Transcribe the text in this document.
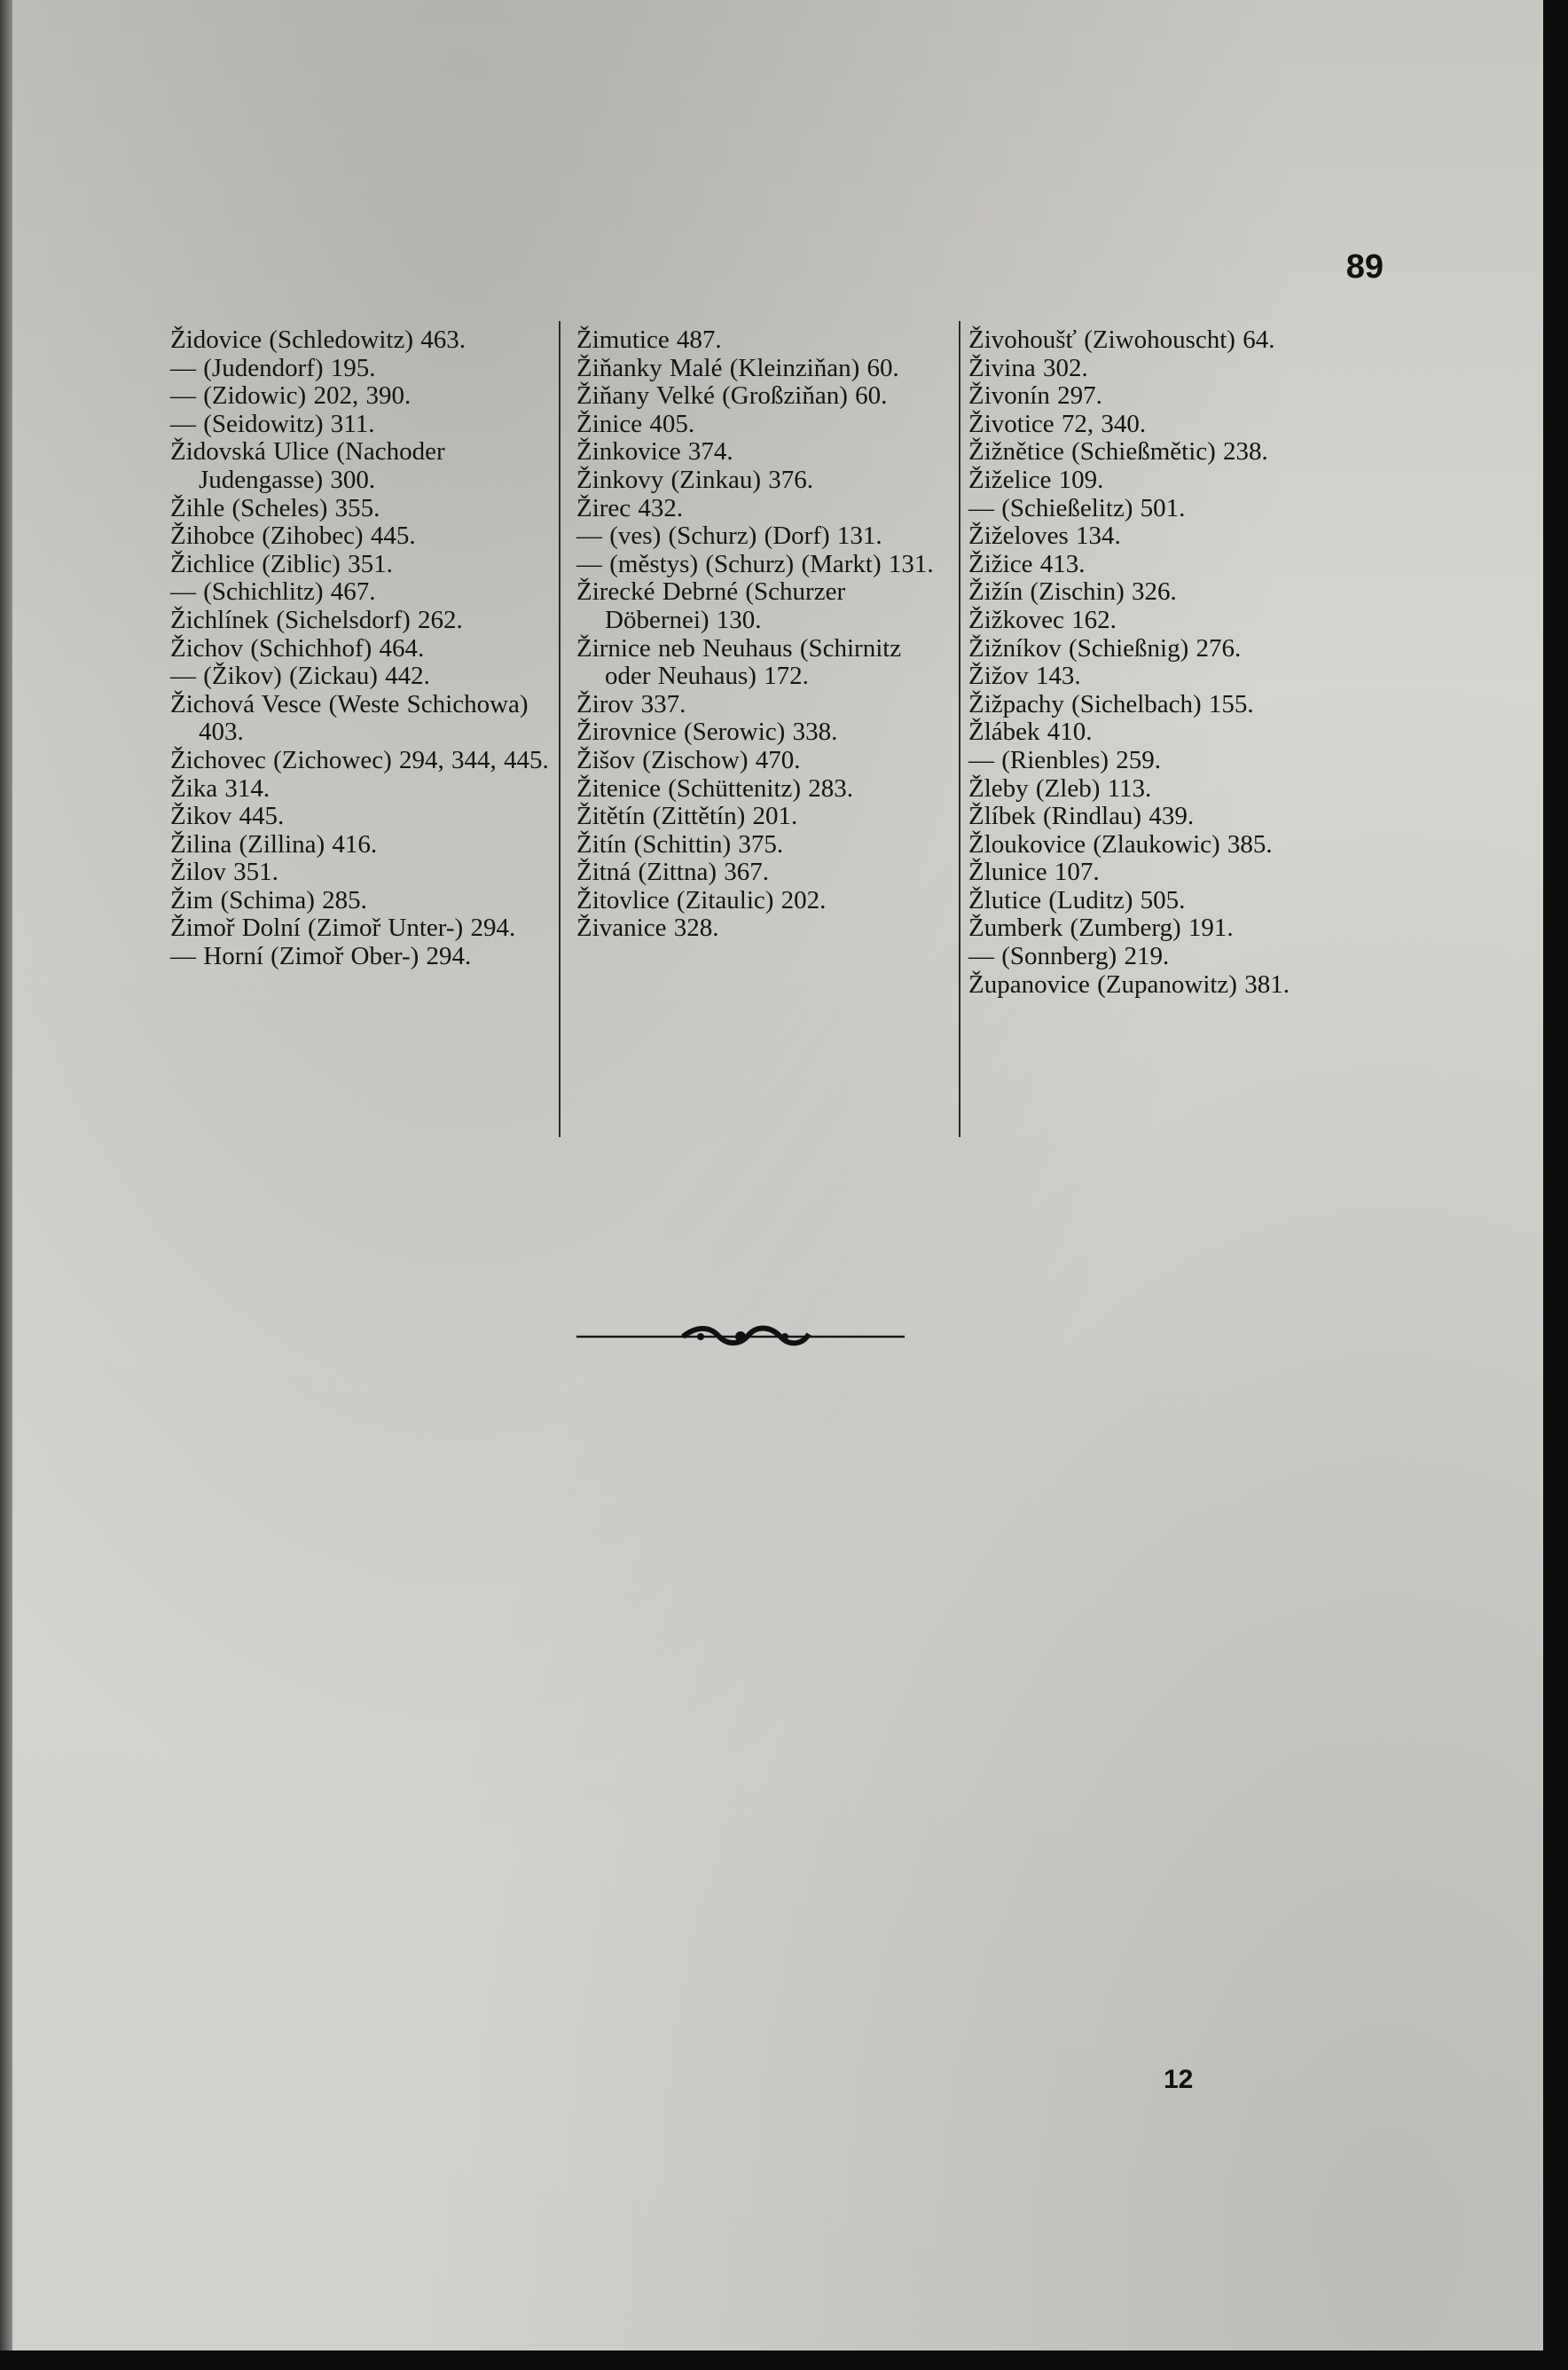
89

Židovice (Schledowitz) 463.

— (Judendorf) 195.

— (Zidowic) 202, 390.

— (Seidowitz) 311.

Židovská Ulice (Nachoder Judengasse) 300.

Žihle (Scheles) 355.

Žihobce (Zihobec) 445.

Žichlice (Ziblic) 351.

— (Schichlitz) 467.

Žichlínek (Sichelsdorf) 262.

Žichov (Schichhof) 464.

— (Žikov) (Zickau) 442.

Žichová Vesce (Weste Schichowa) 403.

Žichovec (Zichowec) 294, 344, 445.

Žika 314.

Žikov 445.

Žilina (Zillina) 416.

Žilov 351.

Žim (Schima) 285.

Žimoř Dolní (Zimoř Unter-) 294.

— Horní (Zimoř Ober-) 294.

Žimutice 487.

Žiňanky Malé (Kleinziňan) 60.

Žiňany Velké (Großziňan) 60.

Žinice 405.

Žinkovice 374.

Žinkovy (Zinkau) 376.

Žirec 432.

— (ves) (Schurz) (Dorf) 131.

— (městys) (Schurz) (Markt) 131.

Žirecké Debrné (Schurzer Döbernei) 130.

Žirnice neb Neuhaus (Schirnitz oder Neuhaus) 172.

Žirov 337.

Žirovnice (Serowic) 338.

Žišov (Zischow) 470.

Žitenice (Schüttenitz) 283.

Žitětín (Zittětín) 201.

Žitín (Schittin) 375.

Žitná (Zittna) 367.

Žitovlice (Zitaulic) 202.

Živanice 328.

Živohoušť (Ziwohouscht) 64.

Živina 302.

Živonín 297.

Životice 72, 340.

Žižnětice (Schießmětic) 238.

Žiželice 109.

— (Schießelitz) 501.

Žiželoves 134.

Žižice 413.

Žižín (Zischin) 326.

Žižkovec 162.

Žižníkov (Schießnig) 276.

Žižov 143.

Žižpachy (Sichelbach) 155.

Žlábek 410.

— (Rienbles) 259.

Žleby (Zleb) 113.

Žlíbek (Rindlau) 439.

Žloukovice (Zlaukowic) 385.

Žlunice 107.

Žlutice (Luditz) 505.

Žumberk (Zumberg) 191.

— (Sonnberg) 219.

Županovice (Zupanowitz) 381.

12
